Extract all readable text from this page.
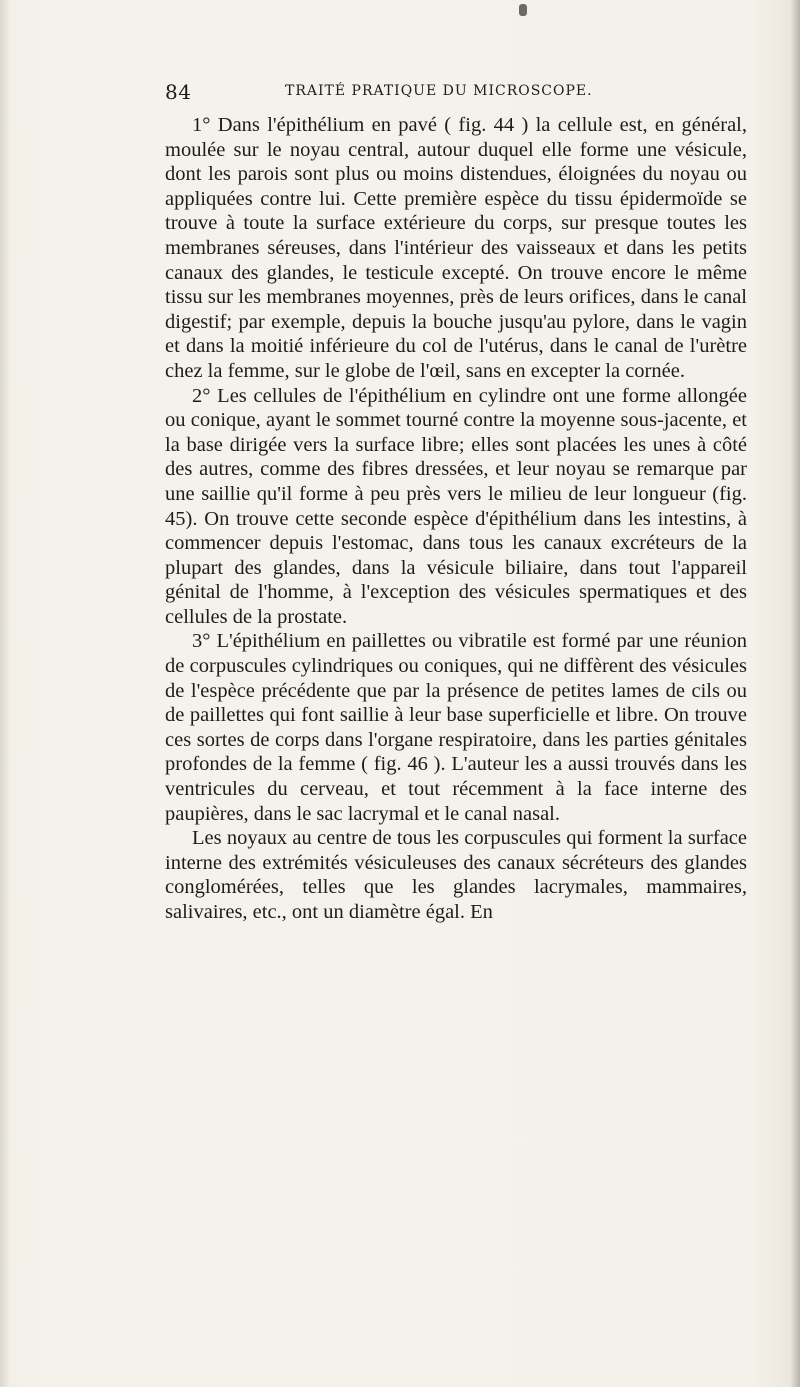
84	TRAITÉ PRATIQUE DU MICROSCOPE.

1° Dans l'épithélium en pavé ( fig. 44 ) la cellule est, en général, moulée sur le noyau central, autour duquel elle forme une vésicule, dont les parois sont plus ou moins distendues, éloignées du noyau ou appliquées contre lui. Cette première espèce du tissu épidermoïde se trouve à toute la surface extérieure du corps, sur presque toutes les membranes séreuses, dans l'intérieur des vaisseaux et dans les petits canaux des glandes, le testicule excepté. On trouve encore le même tissu sur les membranes moyennes, près de leurs orifices, dans le canal digestif; par exemple, depuis la bouche jusqu'au pylore, dans le vagin et dans la moitié inférieure du col de l'utérus, dans le canal de l'urètre chez la femme, sur le globe de l'œil, sans en excepter la cornée.

2° Les cellules de l'épithélium en cylindre ont une forme allongée ou conique, ayant le sommet tourné contre la moyenne sous-jacente, et la base dirigée vers la surface libre; elles sont placées les unes à côté des autres, comme des fibres dressées, et leur noyau se remarque par une saillie qu'il forme à peu près vers le milieu de leur longueur (fig. 45). On trouve cette seconde espèce d'épithélium dans les intestins, à commencer depuis l'estomac, dans tous les canaux excréteurs de la plupart des glandes, dans la vésicule biliaire, dans tout l'appareil génital de l'homme, à l'exception des vésicules spermatiques et des cellules de la prostate.

3° L'épithélium en paillettes ou vibratile est formé par une réunion de corpuscules cylindriques ou coniques, qui ne diffèrent des vésicules de l'espèce précédente que par la présence de petites lames de cils ou de paillettes qui font saillie à leur base superficielle et libre. On trouve ces sortes de corps dans l'organe respiratoire, dans les parties génitales profondes de la femme ( fig. 46 ). L'auteur les a aussi trouvés dans les ventricules du cerveau, et tout récemment à la face interne des paupières, dans le sac lacrymal et le canal nasal.

Les noyaux au centre de tous les corpuscules qui forment la surface interne des extrémités vésiculeuses des canaux sécréteurs des glandes conglomérées, telles que les glandes lacrymales, mammaires, salivaires, etc., ont un diamètre égal. En
